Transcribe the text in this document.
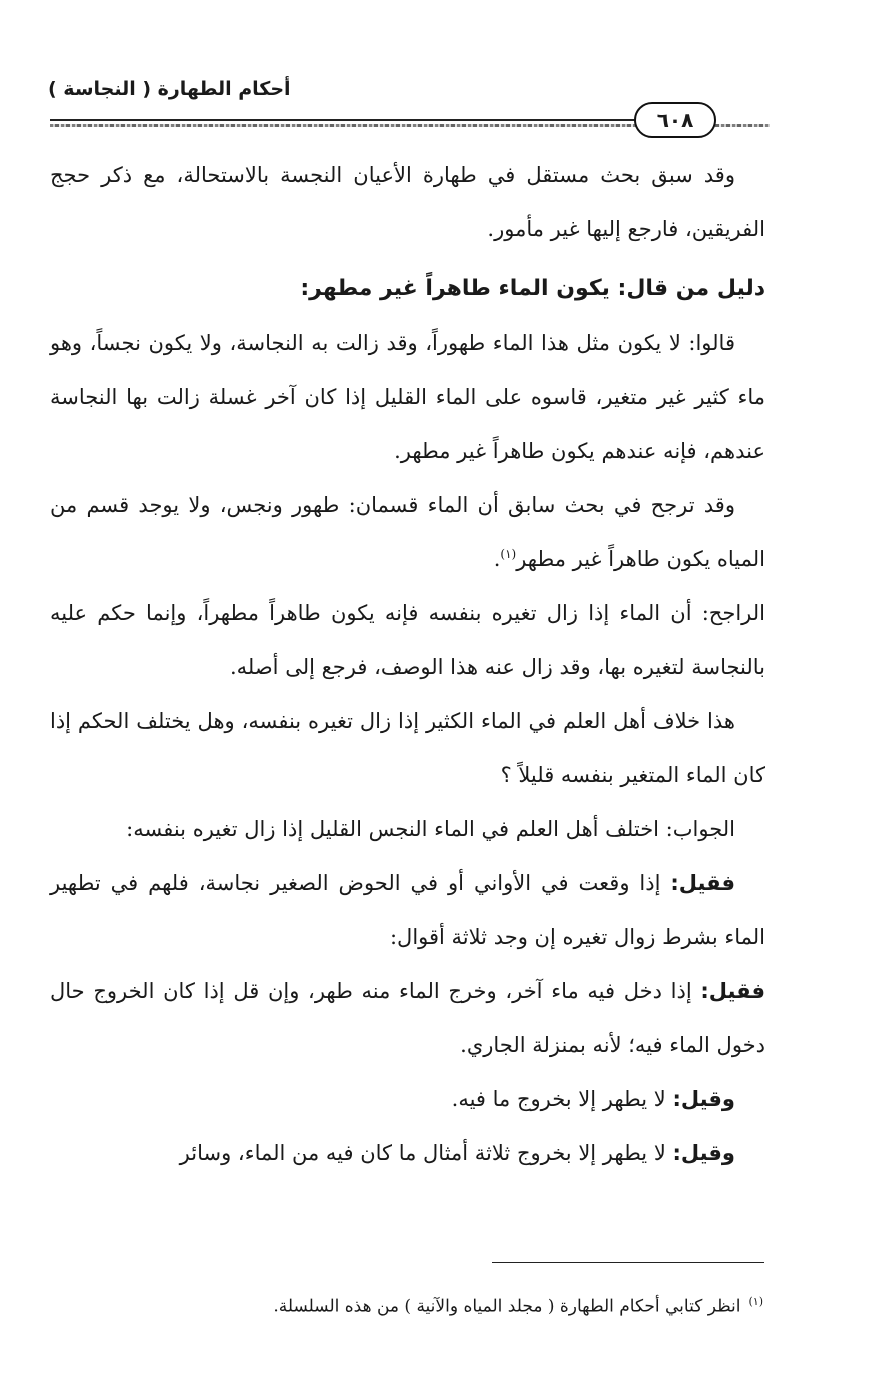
أحكام الطهارة ( النجاسة )
٦٠٨

وقد سبق بحث مستقل في طهارة الأعيان النجسة بالاستحالة، مع ذكر حجج الفريقين، فارجع إليها غير مأمور.

دليل من قال: يكون الماء طاهراً غير مطهر:

قالوا: لا يكون مثل هذا الماء طهوراً، وقد زالت به النجاسة، ولا يكون نجساً، وهو ماء كثير غير متغير، قاسوه على الماء القليل إذا كان آخر غسلة زالت بها النجاسة عندهم، فإنه عندهم يكون طاهراً غير مطهر.

وقد ترجح في بحث سابق أن الماء قسمان: طهور ونجس، ولا يوجد قسم من المياه يكون طاهراً غير مطهر$^{(١)}$.

الراجح: أن الماء إذا زال تغيره بنفسه فإنه يكون طاهراً مطهراً، وإنما حكم عليه بالنجاسة لتغيره بها، وقد زال عنه هذا الوصف، فرجع إلى أصله.

هذا خلاف أهل العلم في الماء الكثير إذا زال تغيره بنفسه، وهل يختلف الحكم إذا كان الماء المتغير بنفسه قليلاً ؟

الجواب: اختلف أهل العلم في الماء النجس القليل إذا زال تغيره بنفسه:

فقيل: إذا وقعت في الأواني أو في الحوض الصغير نجاسة، فلهم في تطهير الماء بشرط زوال تغيره إن وجد ثلاثة أقوال:

فقيل: إذا دخل فيه ماء آخر، وخرج الماء منه طهر، وإن قل إذا كان الخروج حال دخول الماء فيه؛ لأنه بمنزلة الجاري.

وقيل: لا يطهر إلا بخروج ما فيه.

وقيل: لا يطهر إلا بخروج ثلاثة أمثال ما كان فيه من الماء، وسائر

$^{(١)}$انظر كتابي أحكام الطهارة ( مجلد المياه والآنية ) من هذه السلسلة.
